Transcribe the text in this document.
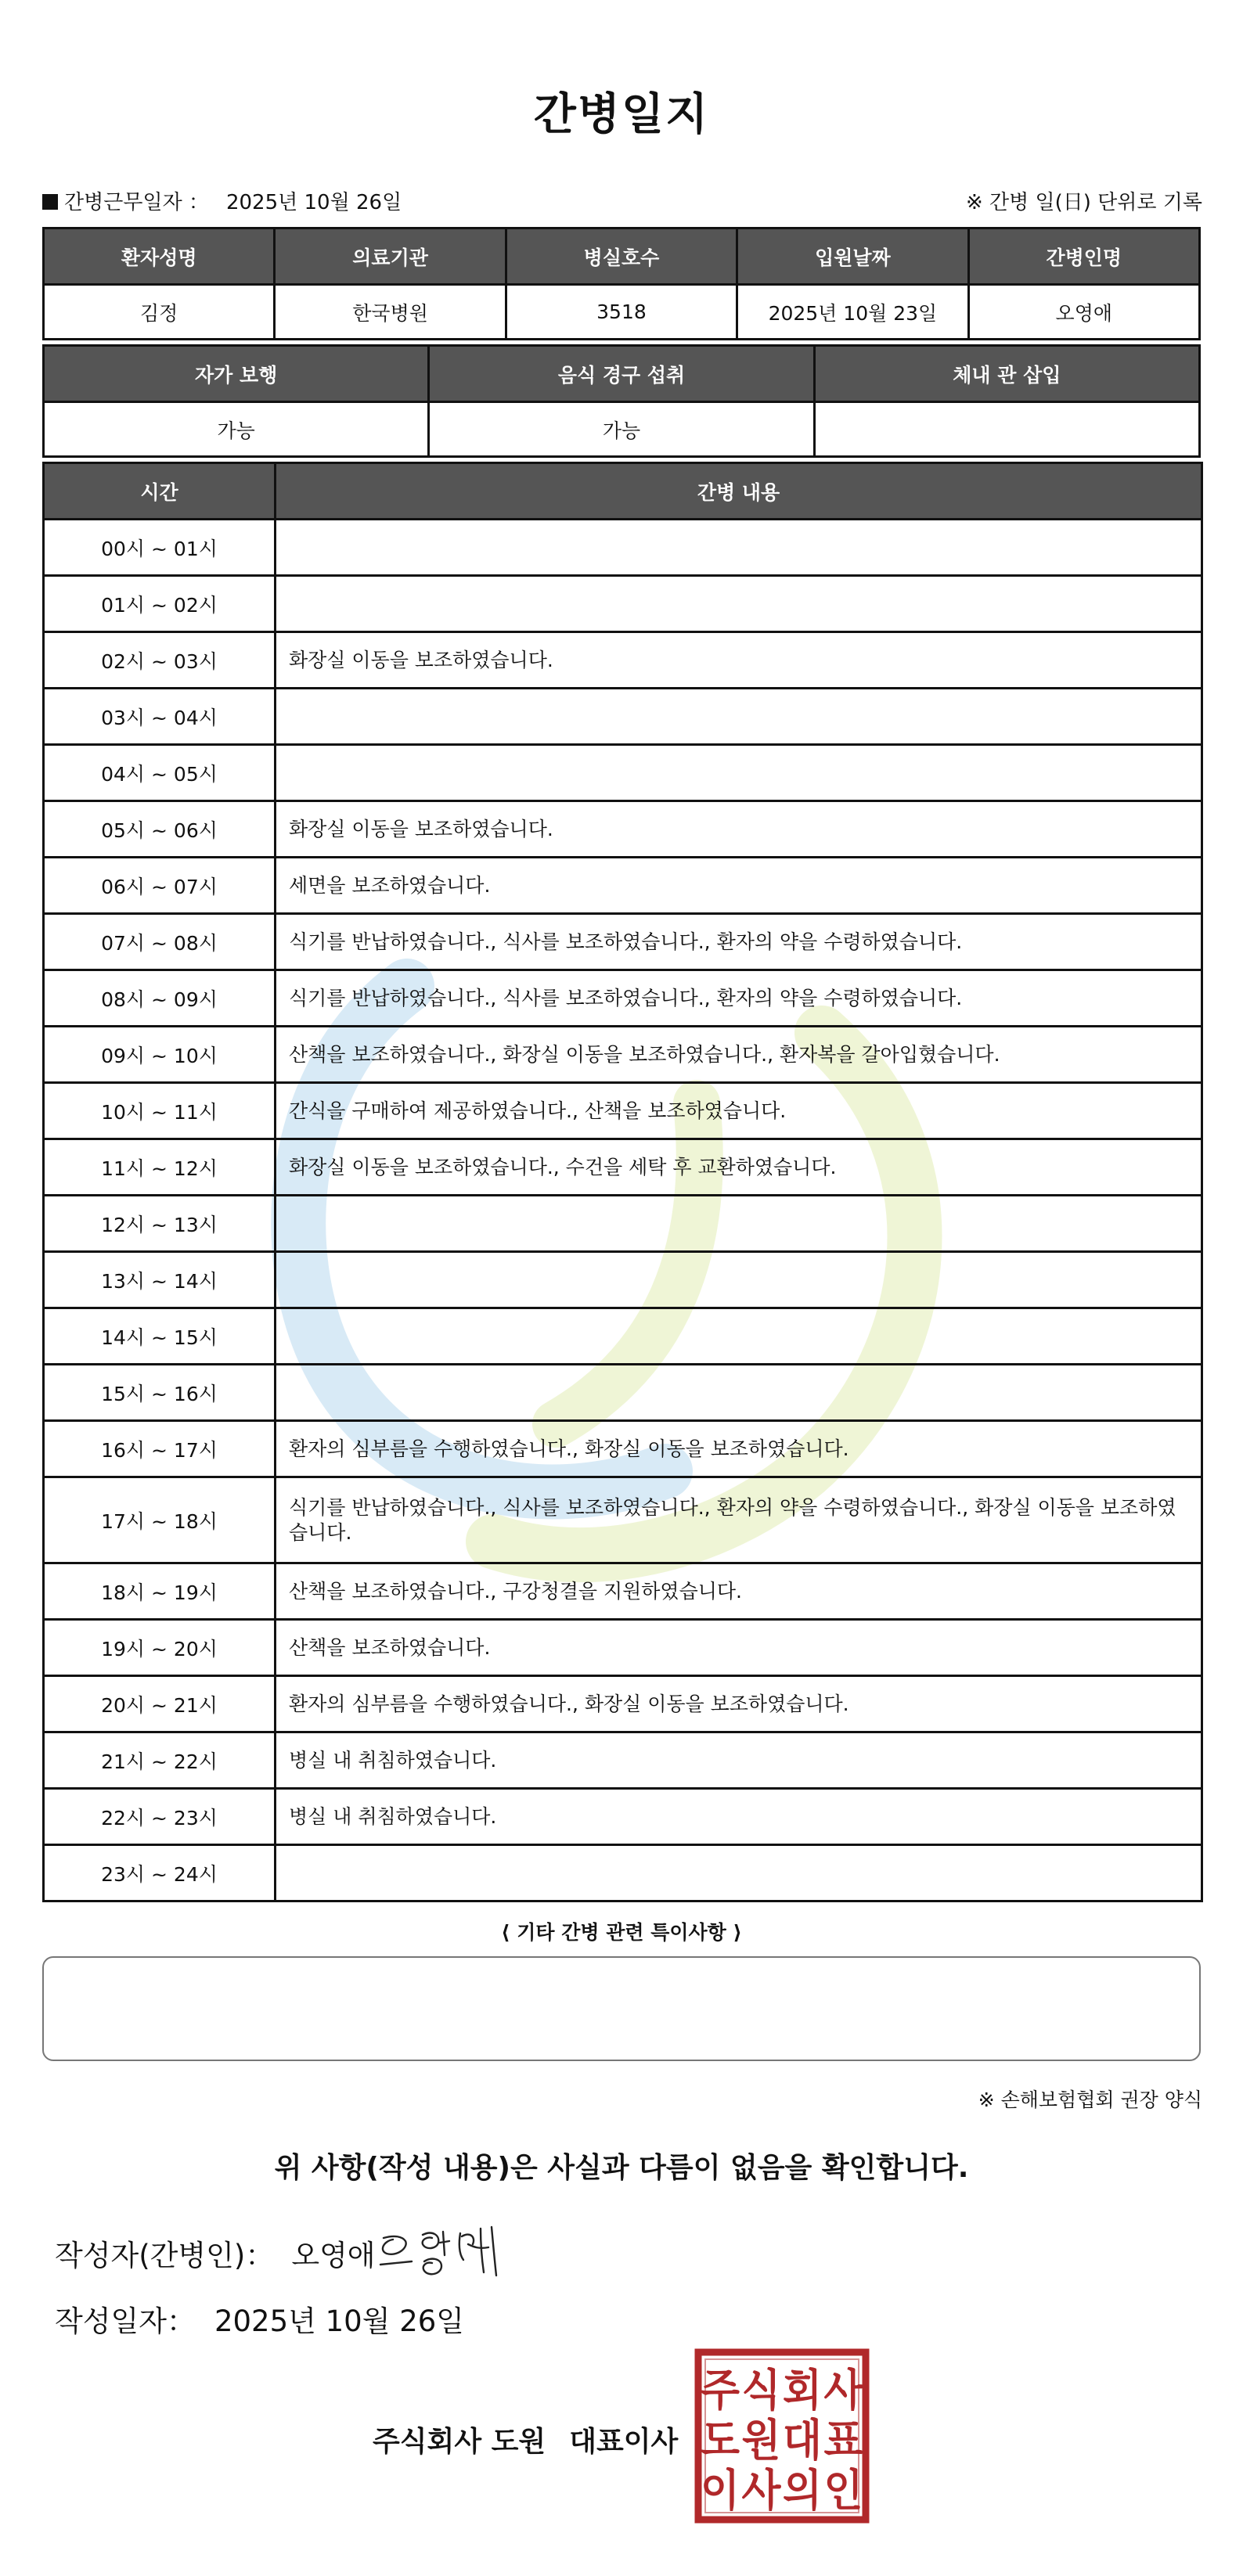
간병일지
간병근무일자 ： 2025년 10월 26일	※ 간병 일(日) 단위로 기록
환자성명	의료기관	병실호수	입원날짜	간병인명
김정	한국병원	3518	2025년 10월 23일	오영애
자가 보행	음식 경구 섭취	체내 관 삽입
가능	가능	
시간	간병 내용
00시 ~ 01시	
01시 ~ 02시	
02시 ~ 03시	화장실 이동을 보조하였습니다.
03시 ~ 04시	
04시 ~ 05시	
05시 ~ 06시	화장실 이동을 보조하였습니다.
06시 ~ 07시	세면을 보조하였습니다.
07시 ~ 08시	식기를 반납하였습니다., 식사를 보조하였습니다., 환자의 약을 수령하였습니다.
08시 ~ 09시	식기를 반납하였습니다., 식사를 보조하였습니다., 환자의 약을 수령하였습니다.
09시 ~ 10시	산책을 보조하였습니다., 화장실 이동을 보조하였습니다., 환자복을 갈아입혔습니다.
10시 ~ 11시	간식을 구매하여 제공하였습니다., 산책을 보조하였습니다.
11시 ~ 12시	화장실 이동을 보조하였습니다., 수건을 세탁 후 교환하였습니다.
12시 ~ 13시	
13시 ~ 14시	
14시 ~ 15시	
15시 ~ 16시	
16시 ~ 17시	환자의 심부름을 수행하였습니다., 화장실 이동을 보조하였습니다.
17시 ~ 18시	식기를 반납하였습니다., 식사를 보조하였습니다., 환자의 약을 수령하였습니다., 화장실 이동을 보조하였습니다.
18시 ~ 19시	산책을 보조하였습니다., 구강청결을 지원하였습니다.
19시 ~ 20시	산책을 보조하였습니다.
20시 ~ 21시	환자의 심부름을 수행하였습니다., 화장실 이동을 보조하였습니다.
21시 ~ 22시	병실 내 취침하였습니다.
22시 ~ 23시	병실 내 취침하였습니다.
23시 ~ 24시	
⟨ 기타 간병 관련 특이사항 ⟩
※ 손해보험협회 권장 양식
위 사항(작성 내용)은 사실과 다름이 없음을 확인합니다.
작성자(간병인)： 오영애
작성일자： 2025년 10월 26일
주식회사 도원 대표이사
주 식 회 사
도 원 대 표
이 사 의 인
